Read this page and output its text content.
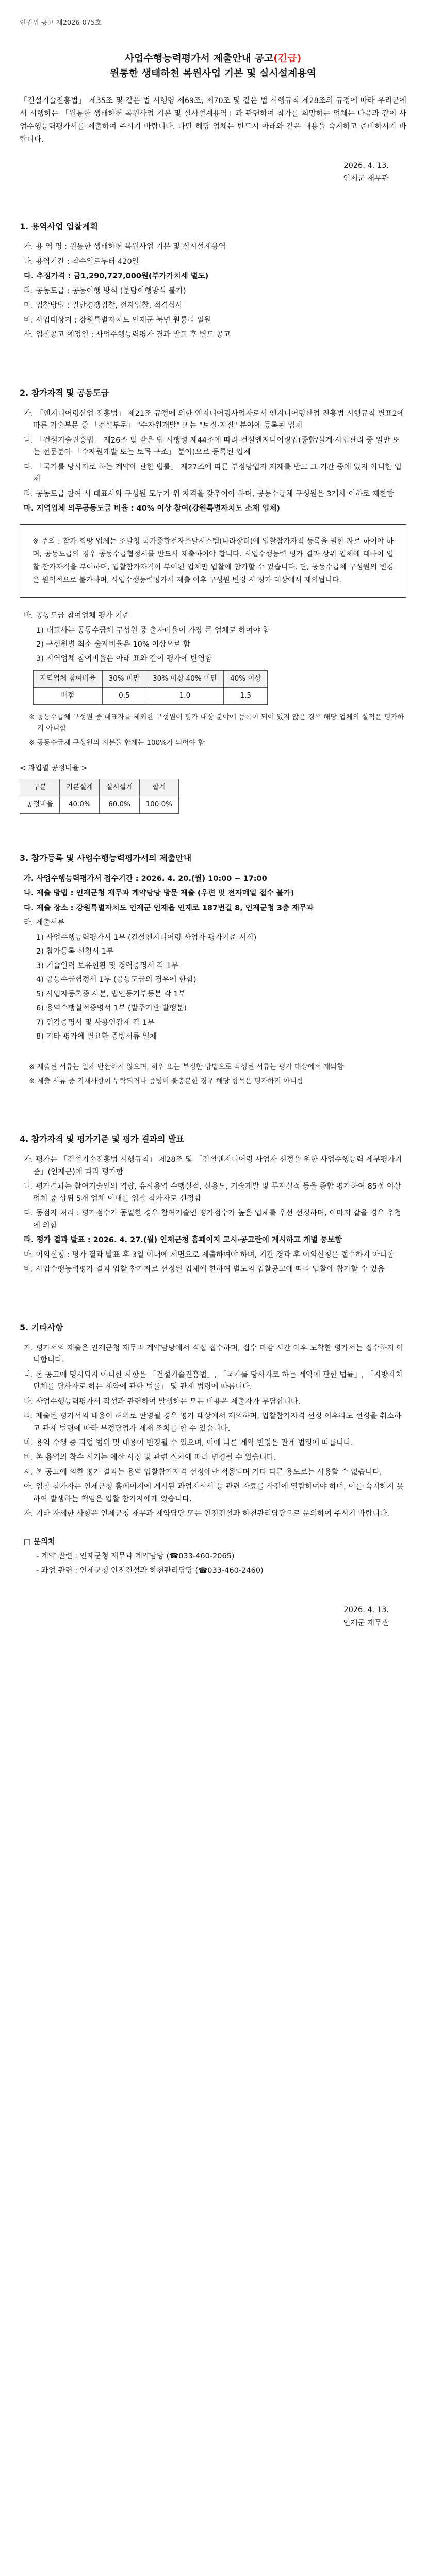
인권위 공고 제2026-075호
사업수행능력평가서 제출안내 공고(긴급)
원통한 생태하천 복원사업 기본 및 실시설계용역

「건설기술진흥법」 제35조 및 같은 법 시행령 제69조, 제70조 및 같은 법 시행규칙 제28조의 규정에 따라 우리군에서 시행하는 「원통한 생태하천 복원사업 기본 및 실시설계용역」과 관련하여 참가를 희망하는 업체는 다음과 같이 사업수행능력평가서를 제출하여 주시기 바랍니다. 다만 해당 업체는 반드시 아래와 같은 내용을 숙지하고 준비하시기 바랍니다.

2026. 4. 13.
인제군 재무관
1. 용역사업 입찰계획
가. 용 역 명 : 원통한 생태하천 복원사업 기본 및 실시설계용역
나. 용역기간 : 착수일로부터 420일
다. 추정가격 : 금1,290,727,000원(부가가치세 별도)
라. 공동도급 : 공동이행 방식 (분담이행방식 불가)
마. 입찰방법 : 일반경쟁입찰, 전자입찰, 적격심사
바. 사업대상지 : 강원특별자치도 인제군 북면 원통리 일원
사. 입찰공고 예정일 : 사업수행능력평가 결과 발표 후 별도 공고
2. 참가자격 및 공동도급
가. 「엔지니어링산업 진흥법」 제21조 규정에 의한 엔지니어링사업자로서 엔지니어링산업 진흥법 시행규칙 별표2에 따른 기술부문 중 「건설부문」 "수자원개발" 또는 "토질·지질" 분야에 등록된 업체
나. 「건설기술진흥법」 제26조 및 같은 법 시행령 제44조에 따라 건설엔지니어링업(종합/설계·사업관리 중 일반 또는 전문분야 「수자원개발 또는 토목 구조」 분야)으로 등록된 업체
다. 「국가를 당사자로 하는 계약에 관한 법률」 제27조에 따른 부정당업자 제재를 받고 그 기간 중에 있지 아니한 업체
라. 공동도급 참여 시 대표사와 구성원 모두가 위 자격을 갖추어야 하며, 공동수급체 구성원은 3개사 이하로 제한함
마. 지역업체 의무공동도급 비율 : 40% 이상 참여(강원특별자치도 소재 업체)
※ 주의 : 참가 희망 업체는 조달청 국가종합전자조달시스템(나라장터)에 입찰참가자격 등록을 필한 자로 하여야 하며, 공동도급의 경우 공동수급협정서를 반드시 제출하여야 합니다. 사업수행능력 평가 결과 상위 업체에 대하여 입찰 참가자격을 부여하며, 입찰참가자격이 부여된 업체만 입찰에 참가할 수 있습니다. 단, 공동수급체 구성원의 변경은 원칙적으로 불가하며, 사업수행능력평가서 제출 이후 구성원 변경 시 평가 대상에서 제외됩니다.
바. 공동도급 참여업체 평가 기준
1) 대표사는 공동수급체 구성원 중 출자비율이 가장 큰 업체로 하여야 함
2) 구성원별 최소 출자비율은 10% 이상으로 함
3) 지역업체 참여비율은 아래 표와 같이 평가에 반영함
지역업체 참여비율	30% 미만	30% 이상 40% 미만	40% 이상
배점	0.5	1.0	1.5
※ 공동수급체 구성원 중 대표자를 제외한 구성원이 평가 대상 분야에 등록이 되어 있지 않은 경우 해당 업체의 실적은 평가하지 아니함
※ 공동수급체 구성원의 지분율 합계는 100%가 되어야 함
< 과업별 공정비율 >
구분	기본설계	실시설계	합계
공정비율	40.0%	60.0%	100.0%
3. 참가등록 및 사업수행능력평가서의 제출안내
가. 사업수행능력평가서 접수기간 : 2026. 4. 20.(월) 10:00 ~ 17:00
나. 제출 방법 : 인제군청 재무과 계약담당 방문 제출 (우편 및 전자메일 접수 불가)
다. 제출 장소 : 강원특별자치도 인제군 인제읍 인제로 187번길 8, 인제군청 3층 재무과
라. 제출서류
1) 사업수행능력평가서 1부 (건설엔지니어링 사업자 평가기준 서식)
2) 참가등록 신청서 1부
3) 기술인력 보유현황 및 경력증명서 각 1부
4) 공동수급협정서 1부 (공동도급의 경우에 한함)
5) 사업자등록증 사본, 법인등기부등본 각 1부
6) 용역수행실적증명서 1부 (발주기관 발행분)
7) 인감증명서 및 사용인감계 각 1부
8) 기타 평가에 필요한 증빙서류 일체
※ 제출된 서류는 일체 반환하지 않으며, 허위 또는 부정한 방법으로 작성된 서류는 평가 대상에서 제외함
※ 제출 서류 중 기재사항이 누락되거나 증빙이 불충분한 경우 해당 항목은 평가하지 아니함
4. 참가자격 및 평가기준 및 평가 결과의 발표
가. 평가는 「건설기술진흥법 시행규칙」 제28조 및 「건설엔지니어링 사업자 선정을 위한 사업수행능력 세부평가기준」(인제군)에 따라 평가함
나. 평가결과는 참여기술인의 역량, 유사용역 수행실적, 신용도, 기술개발 및 투자실적 등을 종합 평가하여 85점 이상 업체 중 상위 5개 업체 이내를 입찰 참가자로 선정함
다. 동점자 처리 : 평가점수가 동일한 경우 참여기술인 평가점수가 높은 업체를 우선 선정하며, 이마저 같을 경우 추첨에 의함
라. 평가 결과 발표 : 2026. 4. 27.(월) 인제군청 홈페이지 고시·공고란에 게시하고 개별 통보함
마. 이의신청 : 평가 결과 발표 후 3일 이내에 서면으로 제출하여야 하며, 기간 경과 후 이의신청은 접수하지 아니함
바. 사업수행능력평가 결과 입찰 참가자로 선정된 업체에 한하여 별도의 입찰공고에 따라 입찰에 참가할 수 있음
5. 기타사항
가. 평가서의 제출은 인제군청 재무과 계약담당에서 직접 접수하며, 접수 마감 시간 이후 도착한 평가서는 접수하지 아니합니다.
나. 본 공고에 명시되지 아니한 사항은 「건설기술진흥법」, 「국가를 당사자로 하는 계약에 관한 법률」, 「지방자치단체를 당사자로 하는 계약에 관한 법률」 및 관계 법령에 따릅니다.
다. 사업수행능력평가서 작성과 관련하여 발생하는 모든 비용은 제출자가 부담합니다.
라. 제출된 평가서의 내용이 허위로 판명될 경우 평가 대상에서 제외하며, 입찰참가자격 선정 이후라도 선정을 취소하고 관계 법령에 따라 부정당업자 제재 조치를 할 수 있습니다.
마. 용역 수행 중 과업 범위 및 내용이 변경될 수 있으며, 이에 따른 계약 변경은 관계 법령에 따릅니다.
바. 본 용역의 착수 시기는 예산 사정 및 관련 절차에 따라 변경될 수 있습니다.
사. 본 공고에 의한 평가 결과는 용역 입찰참가자격 선정에만 적용되며 기타 다른 용도로는 사용할 수 없습니다.
아. 입찰 참가자는 인제군청 홈페이지에 게시된 과업지시서 등 관련 자료를 사전에 열람하여야 하며, 이를 숙지하지 못하여 발생하는 책임은 입찰 참가자에게 있습니다.
자. 기타 자세한 사항은 인제군청 재무과 계약담당 또는 안전건설과 하천관리담당으로 문의하여 주시기 바랍니다.
□ 문의처
- 계약 관련 : 인제군청 재무과 계약담당 (☎033-460-2065)
- 과업 관련 : 인제군청 안전건설과 하천관리담당 (☎033-460-2460)
2026. 4. 13.
인제군 재무관
